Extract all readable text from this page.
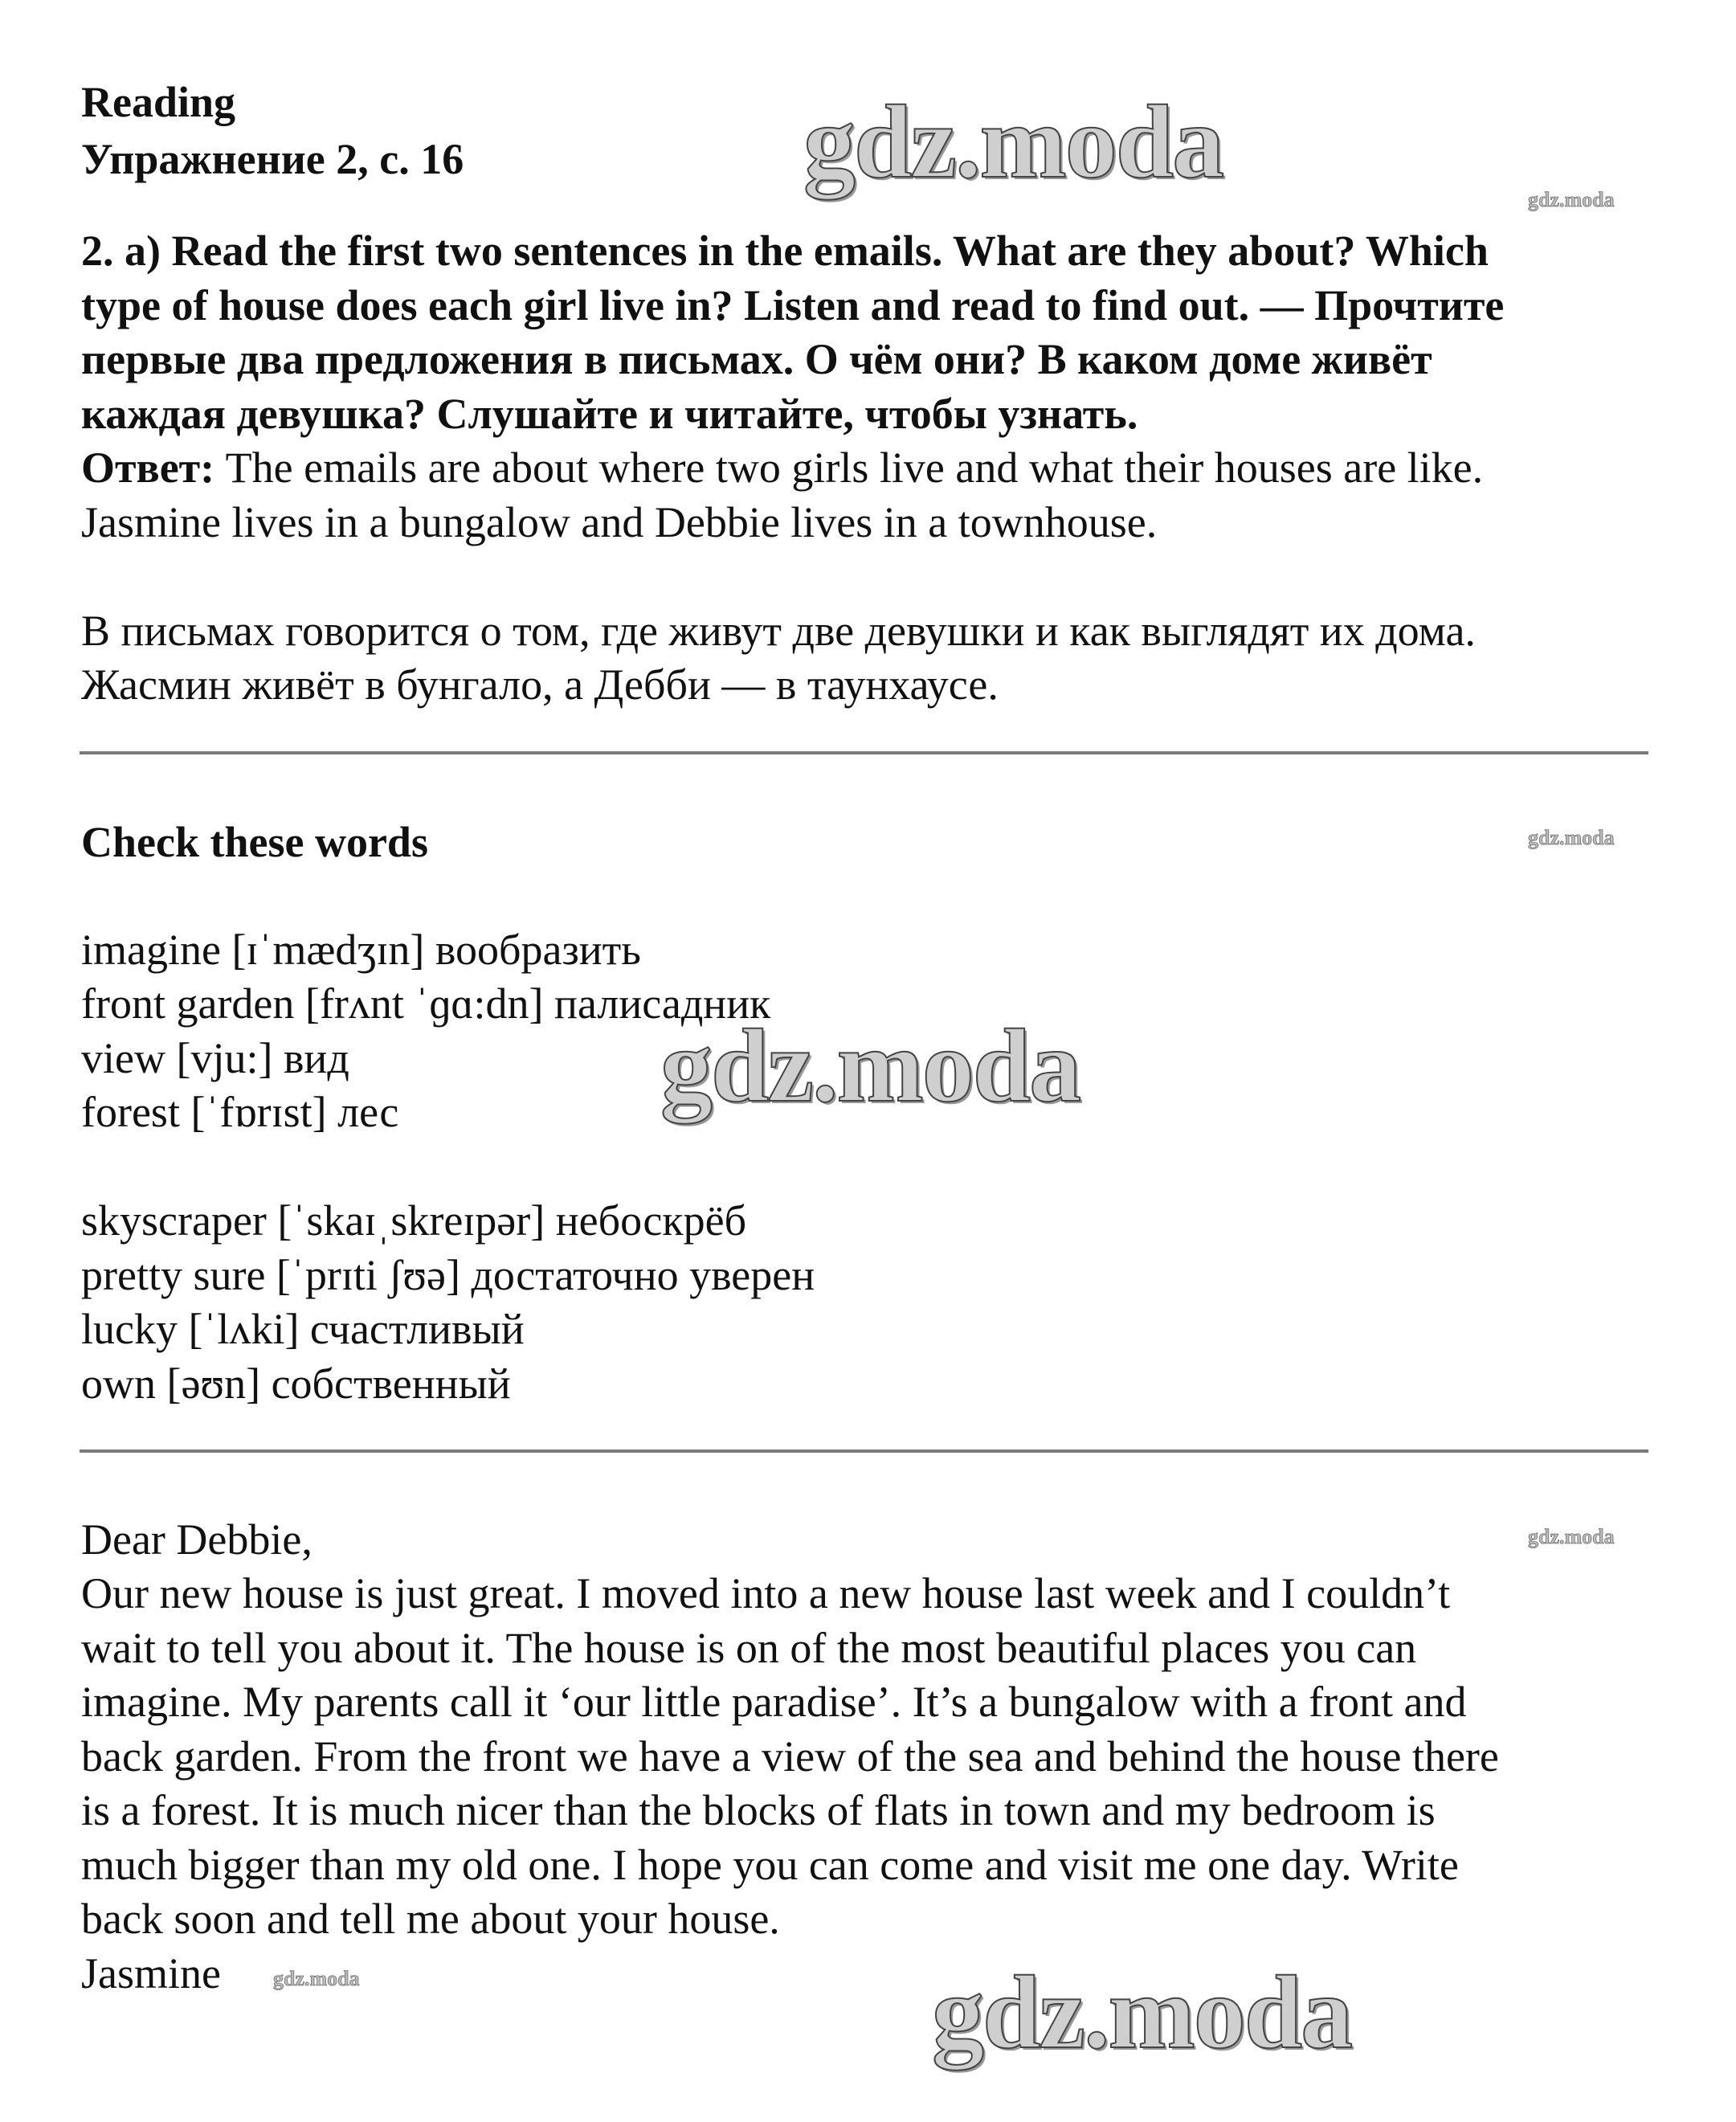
Reading
Упражнение 2, с. 16
2. a) Read the first two sentences in the emails. What are they about? Which
type of house does each girl live in? Listen and read to find out. — Прочтите
первые два предложения в письмах. О чём они? В каком доме живёт
каждая девушка? Слушайте и читайте, чтобы узнать.
Ответ: The emails are about where two girls live and what their houses are like.
Jasmine lives in a bungalow and Debbie lives in a townhouse.
В письмах говорится о том, где живут две девушки и как выглядят их дома.
Жасмин живёт в бунгало, а Дебби — в таунхаусе.
Check these words
imagine [ɪˈmædʒɪn] вообразить
front garden [frʌnt ˈɡɑ:dn] палисадник
view [vju:] вид
forest [ˈfɒrɪst] лес
skyscraper [ˈskaɪˌskreɪpər] небоскрёб
pretty sure [ˈprɪti ʃʊə] достаточно уверен
lucky [ˈlʌki] счастливый
own [əʊn] собственный
Dear Debbie,
Our new house is just great. I moved into a new house last week and I couldn’t
wait to tell you about it. The house is on of the most beautiful places you can
imagine. My parents call it ‘our little paradise’. It’s a bungalow with a front and
back garden. From the front we have a view of the sea and behind the house there
is a forest. It is much nicer than the blocks of flats in town and my bedroom is
much bigger than my old one. I hope you can come and visit me one day. Write
back soon and tell me about your house.
Jasmine
gdz.moda
gdz.moda
gdz.moda
gdz.moda
gdz.moda
gdz.moda
gdz.moda
